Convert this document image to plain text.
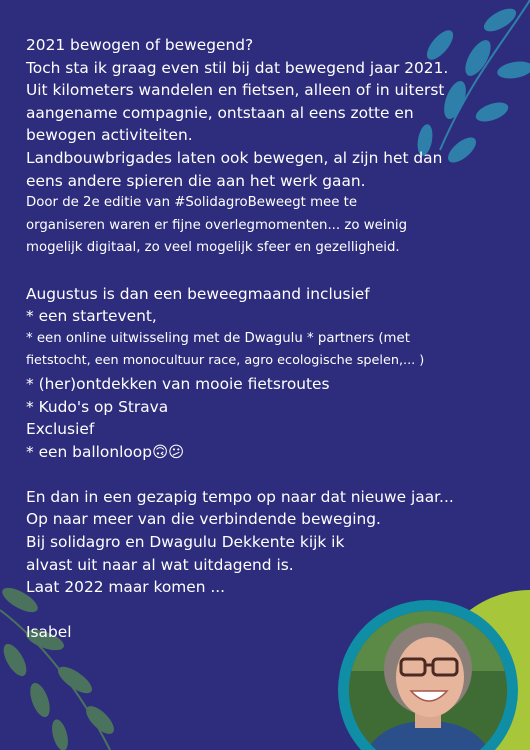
2021 bewogen of bewegend?
Toch sta ik graag even stil bij dat bewegend jaar 2021.
Uit kilometers wandelen en fietsen, alleen of in uiterst
aangename compagnie, ontstaan al eens zotte en
bewogen activiteiten.
Landbouwbrigades laten ook bewegen, al zijn het dan
eens andere spieren die aan het werk gaan.
Door de 2e editie van #SolidagroBeweegt mee te
organiseren waren er fijne overlegmomenten... zo weinig
mogelijk digitaal, zo veel mogelijk sfeer en gezelligheid.
Augustus is dan een beweegmaand inclusief
* een startevent,
* een online uitwisseling met de Dwagulu * partners (met
fietstocht, een monocultuur race, agro ecologische spelen,... )
* (her)ontdekken van mooie fietsroutes
* Kudo's op Strava
Exclusief
* een ballonloop🙃😕
En dan in een gezapig tempo op naar dat nieuwe jaar...
Op naar meer van die verbindende beweging.
Bij solidagro en Dwagulu Dekkente kijk ik
alvast uit naar al wat uitdagend is.
Laat 2022 maar komen ...
Isabel
